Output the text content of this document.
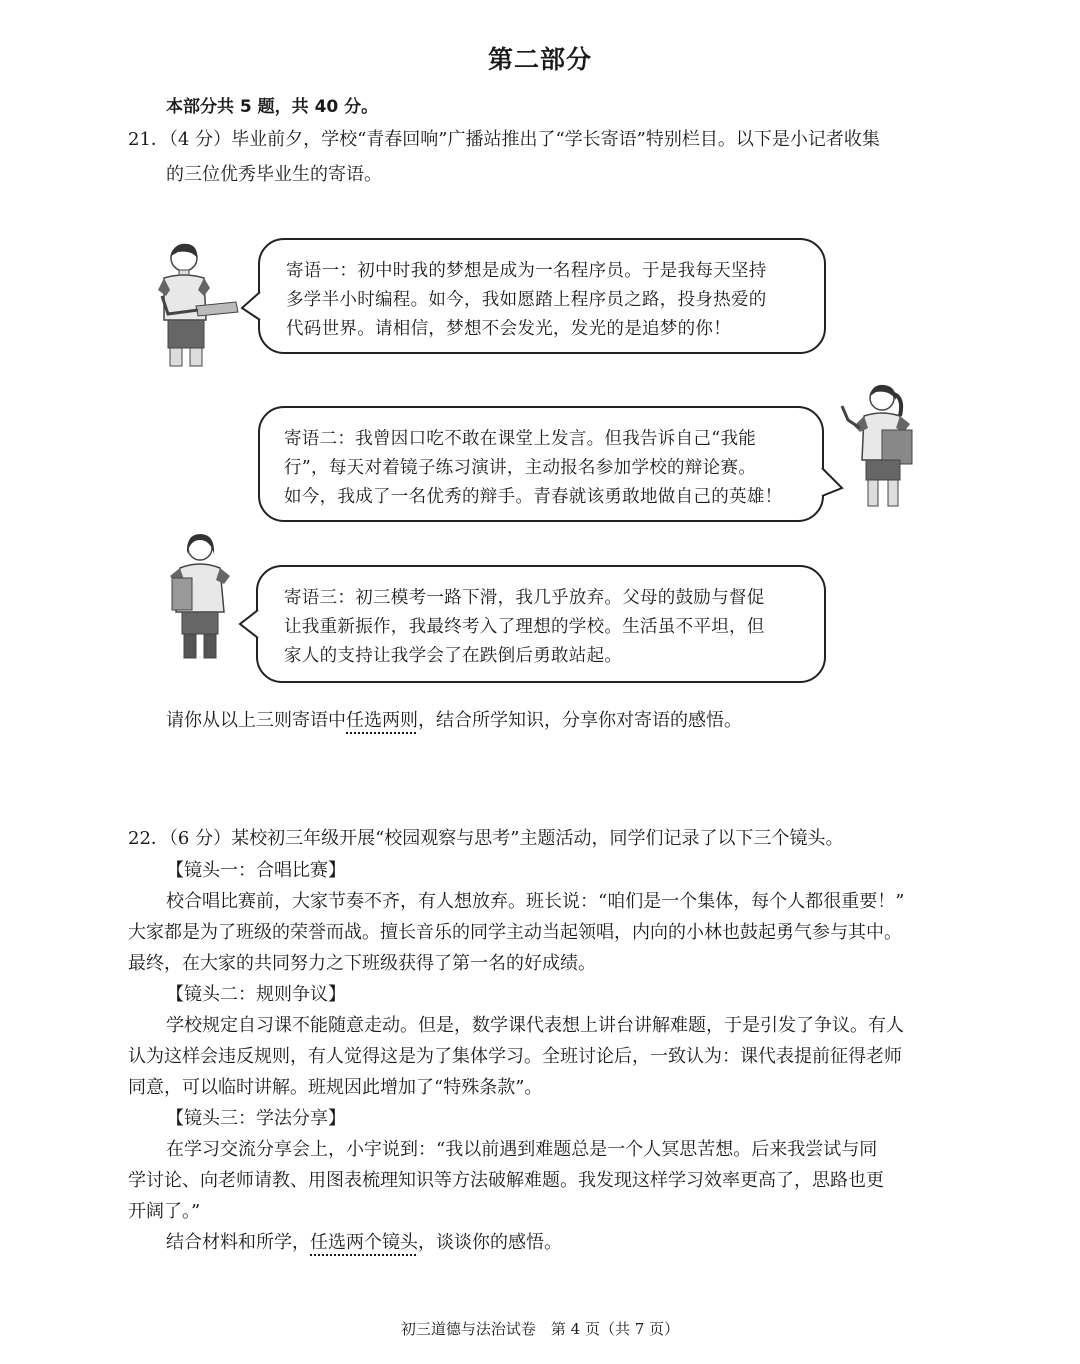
第二部分
本部分共 5 题，共 40 分。
21．（4 分）毕业前夕，学校“青春回响”广播站推出了“学长寄语”特别栏目。以下是小记者收集
的三位优秀毕业生的寄语。
寄语一：初中时我的梦想是成为一名程序员。于是我每天坚持
多学半小时编程。如今，我如愿踏上程序员之路，投身热爱的
代码世界。请相信，梦想不会发光，发光的是追梦的你！
寄语二：我曾因口吃不敢在课堂上发言。但我告诉自己“我能
行”，每天对着镜子练习演讲，主动报名参加学校的辩论赛。
如今，我成了一名优秀的辩手。青春就该勇敢地做自己的英雄！
寄语三：初三模考一路下滑，我几乎放弃。父母的鼓励与督促
让我重新振作，我最终考入了理想的学校。生活虽不平坦，但
家人的支持让我学会了在跌倒后勇敢站起。
请你从以上三则寄语中任选两则，结合所学知识，分享你对寄语的感悟。
22．（6 分）某校初三年级开展“校园观察与思考”主题活动，同学们记录了以下三个镜头。
【镜头一：合唱比赛】
校合唱比赛前，大家节奏不齐，有人想放弃。班长说：“咱们是一个集体，每个人都很重要！”
大家都是为了班级的荣誉而战。擅长音乐的同学主动当起领唱，内向的小林也鼓起勇气参与其中。
最终，在大家的共同努力之下班级获得了第一名的好成绩。
【镜头二：规则争议】
学校规定自习课不能随意走动。但是，数学课代表想上讲台讲解难题，于是引发了争议。有人
认为这样会违反规则，有人觉得这是为了集体学习。全班讨论后，一致认为：课代表提前征得老师
同意，可以临时讲解。班规因此增加了“特殊条款”。
【镜头三：学法分享】
在学习交流分享会上，小宇说到：“我以前遇到难题总是一个人冥思苦想。后来我尝试与同
学讨论、向老师请教、用图表梳理知识等方法破解难题。我发现这样学习效率更高了，思路也更
开阔了。”
结合材料和所学，任选两个镜头，谈谈你的感悟。
初三道德与法治试卷　第 4 页（共 7 页）
